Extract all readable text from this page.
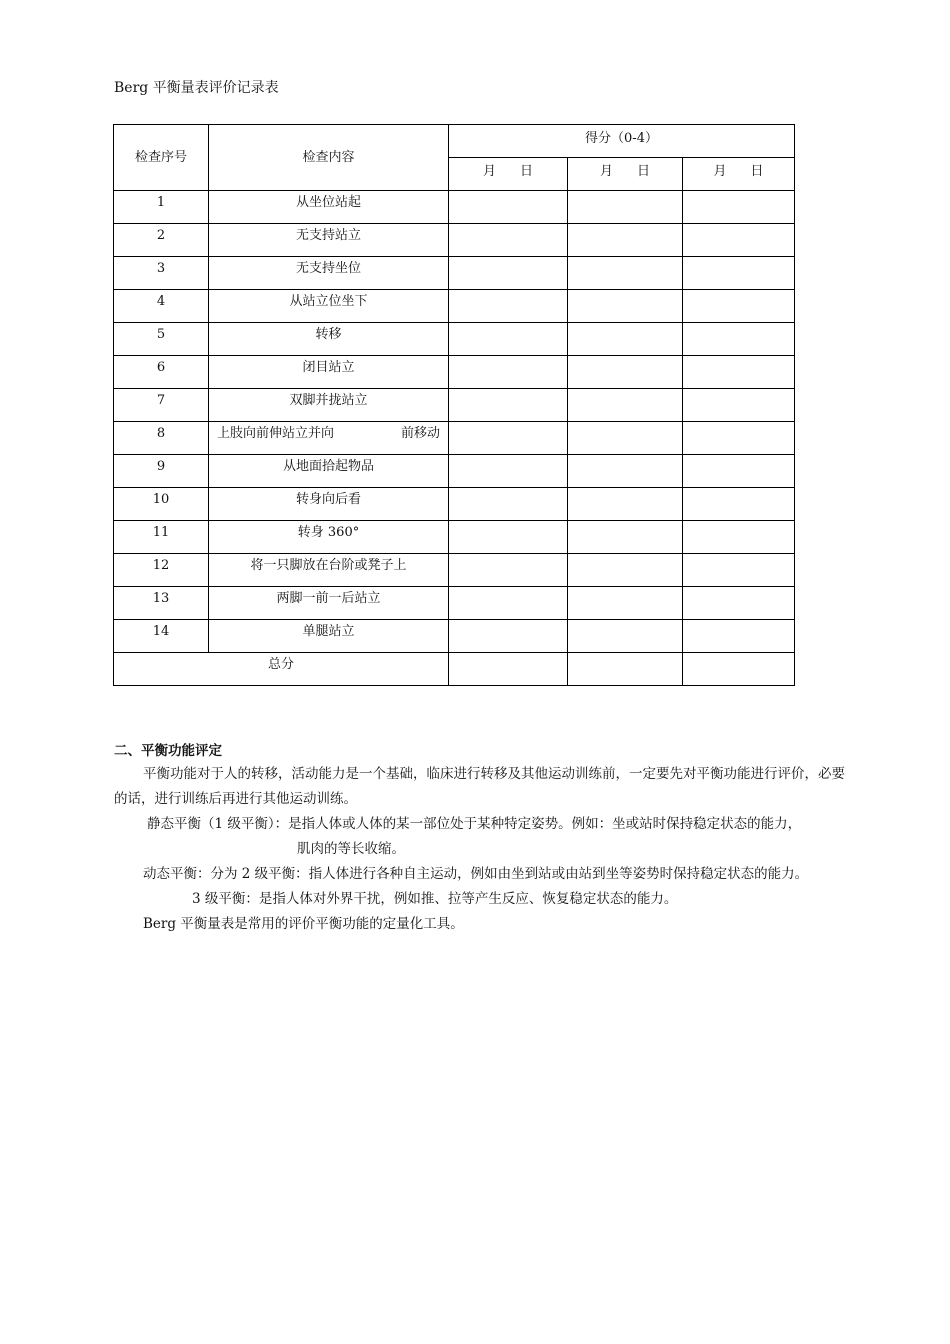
Berg 平衡量表评价记录表
检查序号	检查内容	得分（0-4）		
		月 日	月 日	月 日
1	从坐位站起			
2	无支持站立			
3	无支持坐位			
4	从站立位坐下			
5	转移			
6	闭目站立			
7	双脚并拢站立			
8	上肢向前伸站立并向 前移动			

9	从地面拾起物品			
10	转身向后看			
11	转身 360°			
12	将一只脚放在台阶或凳子上			
13	两脚一前一后站立			
14	单腿站立			
总分				
二、平衡功能评定

平衡功能对于人的转移，活动能力是一个基础，临床进行转移及其他运动训练前，一定要先对平衡功能进行评价，必要的话，进行训练后再进行其他运动训练。

静态平衡（1 级平衡）：是指人体或人体的某一部位处于某种特定姿势。例如：坐或站时保持稳定状态的能力，

肌肉的等长收缩。

动态平衡：分为 2 级平衡：指人体进行各种自主运动，例如由坐到站或由站到坐等姿势时保持稳定状态的能力。

3 级平衡：是指人体对外界干扰，例如推、拉等产生反应、恢复稳定状态的能力。

Berg 平衡量表是常用的评价平衡功能的定量化工具。
